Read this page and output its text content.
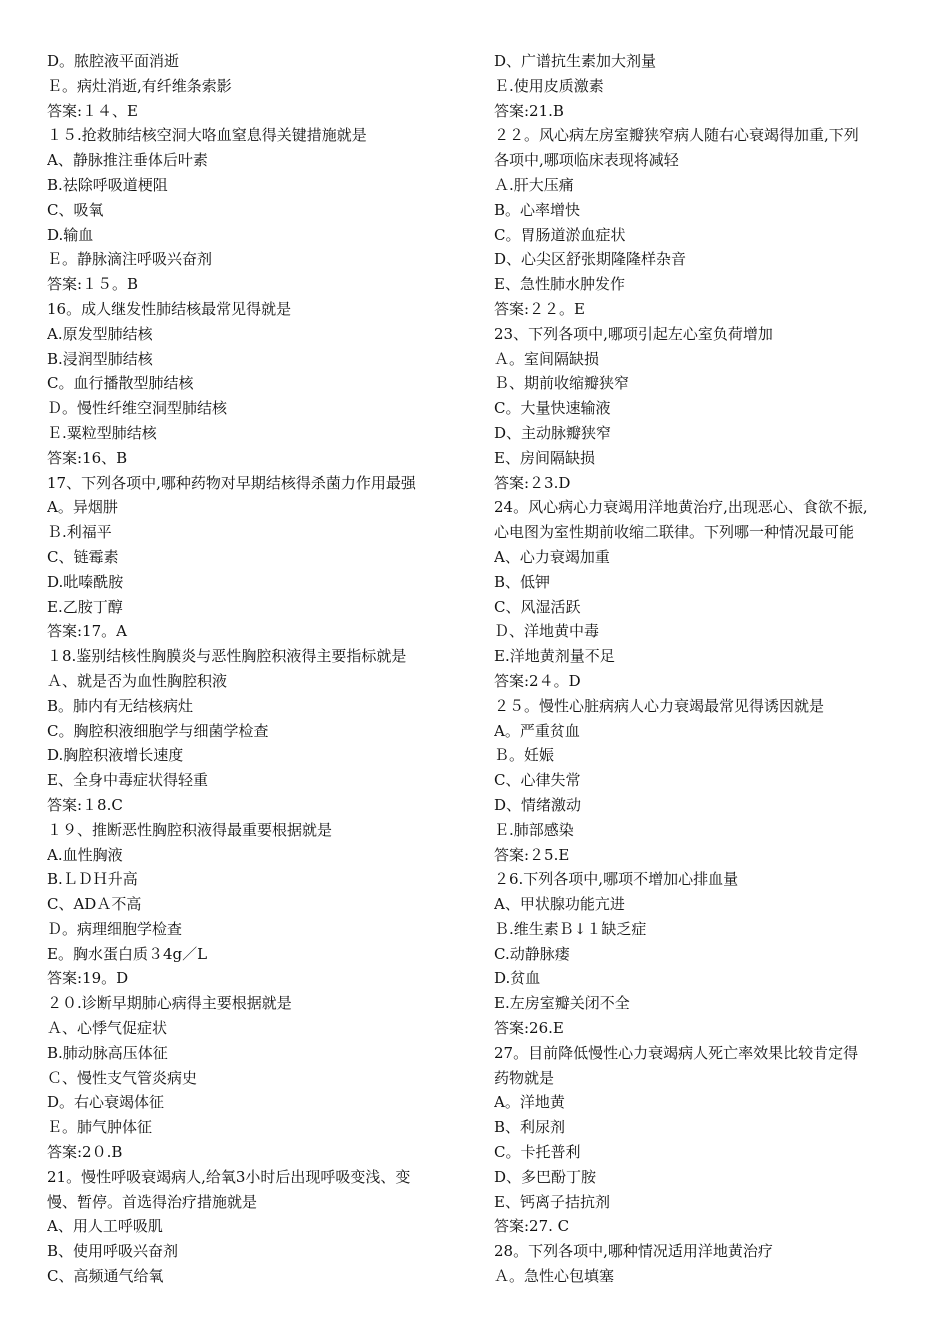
D。脓腔液平面消逝
Ｅ。病灶消逝,有纤维条索影
答案:１４、E
１５.抢救肺结核空洞大咯血窒息得关键措施就是
A、静脉推注垂体后叶素
B.祛除呼吸道梗阻
C、吸氧
D.输血
Ｅ。静脉滴注呼吸兴奋剂
答案:１５。B
16。成人继发性肺结核最常见得就是
A.原发型肺结核
B.浸润型肺结核
C。血行播散型肺结核
Ｄ。慢性纤维空洞型肺结核
Ｅ.粟粒型肺结核
答案:16、B
17、下列各项中,哪种药物对早期结核得杀菌力作用最强
A。异烟肼
Ｂ.利福平
C、链霉素
D.吡嗪酰胺
E.乙胺丁醇
答案:17。A
１8.鉴别结核性胸膜炎与恶性胸腔积液得主要指标就是
Ａ、就是否为血性胸腔积液
B。肺内有无结核病灶
C。胸腔积液细胞学与细菌学检查
D.胸腔积液增长速度
E、全身中毒症状得轻重
答案:１8.C
１９、推断恶性胸腔积液得最重要根据就是
A.血性胸液
B.ＬＤＨ升高
C、ADＡ不高
Ｄ。病理细胞学检查
E。胸水蛋白质３4g／L
答案:19。D
２０.诊断早期肺心病得主要根据就是
Ａ、心悸气促症状
B.肺动脉高压体征
Ｃ、慢性支气管炎病史
D。右心衰竭体征
Ｅ。肺气肿体征
答案:2０.B
21。慢性呼吸衰竭病人,给氧3小时后出现呼吸变浅、变
慢、暂停。首选得治疗措施就是
A、用人工呼吸肌
B、使用呼吸兴奋剂
C、高频通气给氧
D、广谱抗生素加大剂量
Ｅ.使用皮质激素
答案:21.B
２２。风心病左房室瓣狭窄病人随右心衰竭得加重,下列
各项中,哪项临床表现将减轻
Ａ.肝大压痛
B。心率增快
C。胃肠道淤血症状
D、心尖区舒张期隆隆样杂音
E、急性肺水肿发作
答案:２２。E
23、下列各项中,哪项引起左心室负荷增加
Ａ。室间隔缺损
Ｂ、期前收缩瓣狭窄
C。大量快速输液
D、主动脉瓣狭窄
E、房间隔缺损
答案:２3.D
24。风心病心力衰竭用洋地黄治疗,出现恶心、食欲不振,
心电图为室性期前收缩二联律。下列哪一种情况最可能
A、心力衰竭加重
B、低钾
C、风湿活跃
Ｄ、洋地黄中毒
E.洋地黄剂量不足
答案:2４。D
２５。慢性心脏病病人心力衰竭最常见得诱因就是
A。严重贫血
Ｂ。妊娠
C、心律失常
D、情绪激动
Ｅ.肺部感染
答案:２5.E
２6.下列各项中,哪项不增加心排血量
A、甲状腺功能亢进
Ｂ.维生素Ｂ↓１缺乏症
C.动静脉瘘
D.贫血
E.左房室瓣关闭不全
答案:26.E
27。目前降低慢性心力衰竭病人死亡率效果比较肯定得
药物就是
A。洋地黄
B、利尿剂
C。卡托普利
D、多巴酚丁胺
E、钙离子拮抗剂
答案:27. C
28。下列各项中,哪种情况适用洋地黄治疗
Ａ。急性心包填塞
